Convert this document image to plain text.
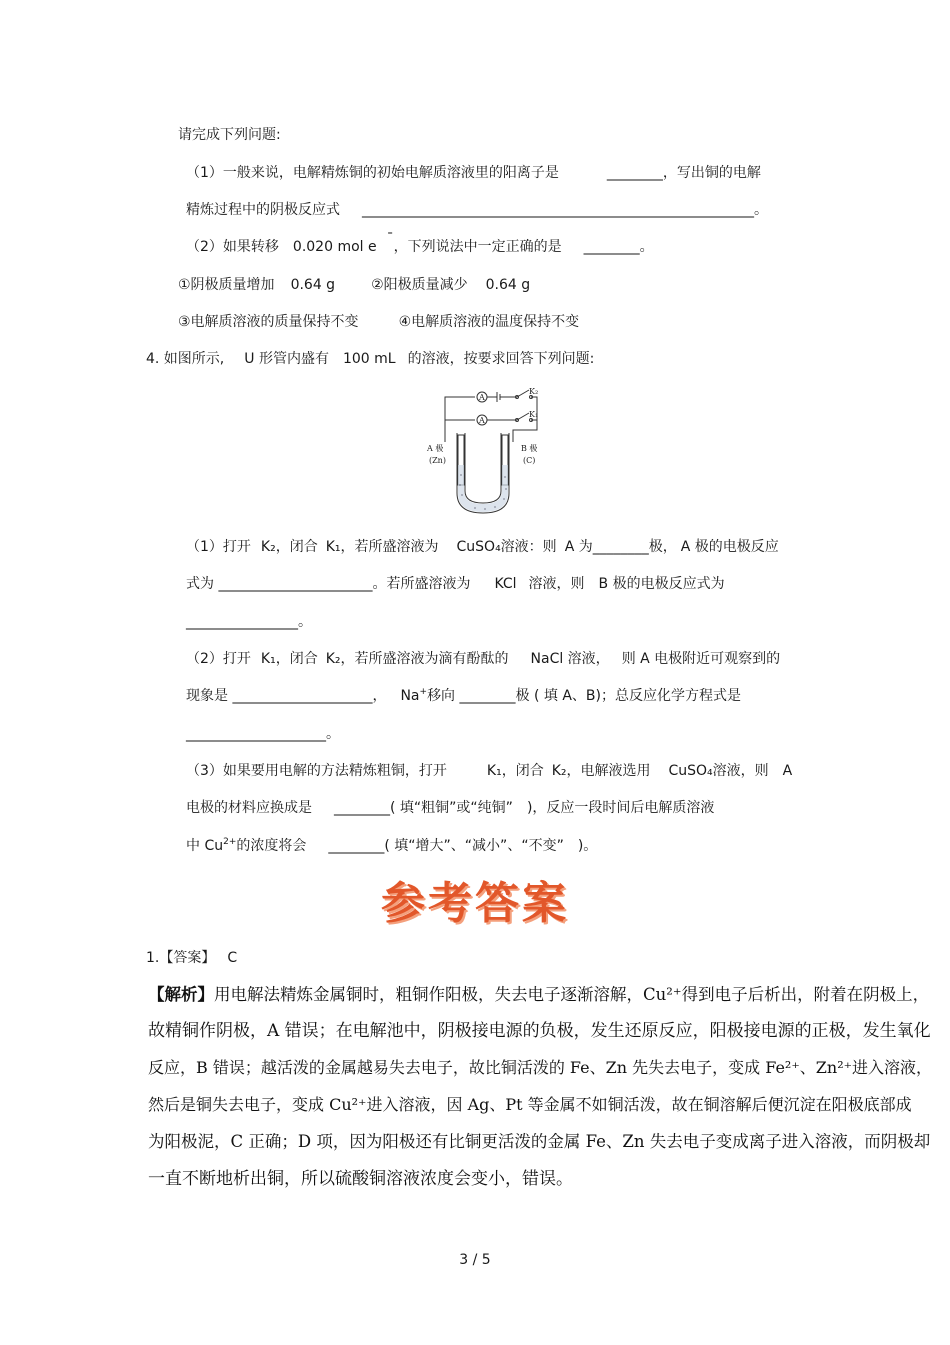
请完成下列问题:
（1）一般来说，电解精炼铜的初始电解质溶液里的阳离子是	________，写出铜的电解
精炼过程中的阴极反应式 ________________________________________________________。
（2）如果转移 0.020 mol e ¯，下列说法中一定正确的是 ________。
①阴极质量增加 0.64 g	②阳极质量减少 0.64 g
③电解质溶液的质量保持不变	④电解质溶液的温度保持不变
4. 如图所示, U 形管内盛有 100 mL 的溶液，按要求回答下列问题:
A
A
K₂
K₁
A 极
(Zn)
B 极
(C)
（1）打开 K₂，闭合 K₁，若所盛溶液为 CuSO₄溶液：则 A 为________极， A 极的电极反应
式为 ______________________。若所盛溶液为 KCl 溶液，则 B 极的电极反应式为
________________。
（2）打开 K₁，闭合 K₂，若所盛溶液为滴有酚酞的 NaCl 溶液， 则 A 电极附近可观察到的
现象是 ____________________， Na+移向 ________极 ( 填 A、B)；总反应化学方程式是
____________________。
（3）如果要用电解的方法精炼粗铜，打开	K₁，闭合 K₂，电解液选用 CuSO₄溶液，则 A
电极的材料应换成是 ________( 填“粗铜”或“纯铜” )，反应一段时间后电解质溶液
中 $Cu^{2+}$的浓度将会 ________( 填“增大”、“减小”、“不变” )。
参考答案
1.【答案】 C
【解析】用电解法精炼金属铜时，粗铜作阳极，失去电子逐渐溶解，Cu²⁺得到电子后析出，附着在阴极上，
故精铜作阴极，A 错误；在电解池中，阴极接电源的负极，发生还原反应，阳极接电源的正极，发生氧化
反应，B 错误；越活泼的金属越易失去电子，故比铜活泼的 Fe、Zn 先失去电子，变成 Fe²⁺、Zn²⁺进入溶液，
然后是铜失去电子，变成 Cu²⁺进入溶液，因 Ag、Pt 等金属不如铜活泼，故在铜溶解后便沉淀在阳极底部成
为阳极泥，C 正确；D 项，因为阳极还有比铜更活泼的金属 Fe、Zn 失去电子变成离子进入溶液，而阴极却
一直不断地析出铜，所以硫酸铜溶液浓度会变小，错误。
3 / 5
